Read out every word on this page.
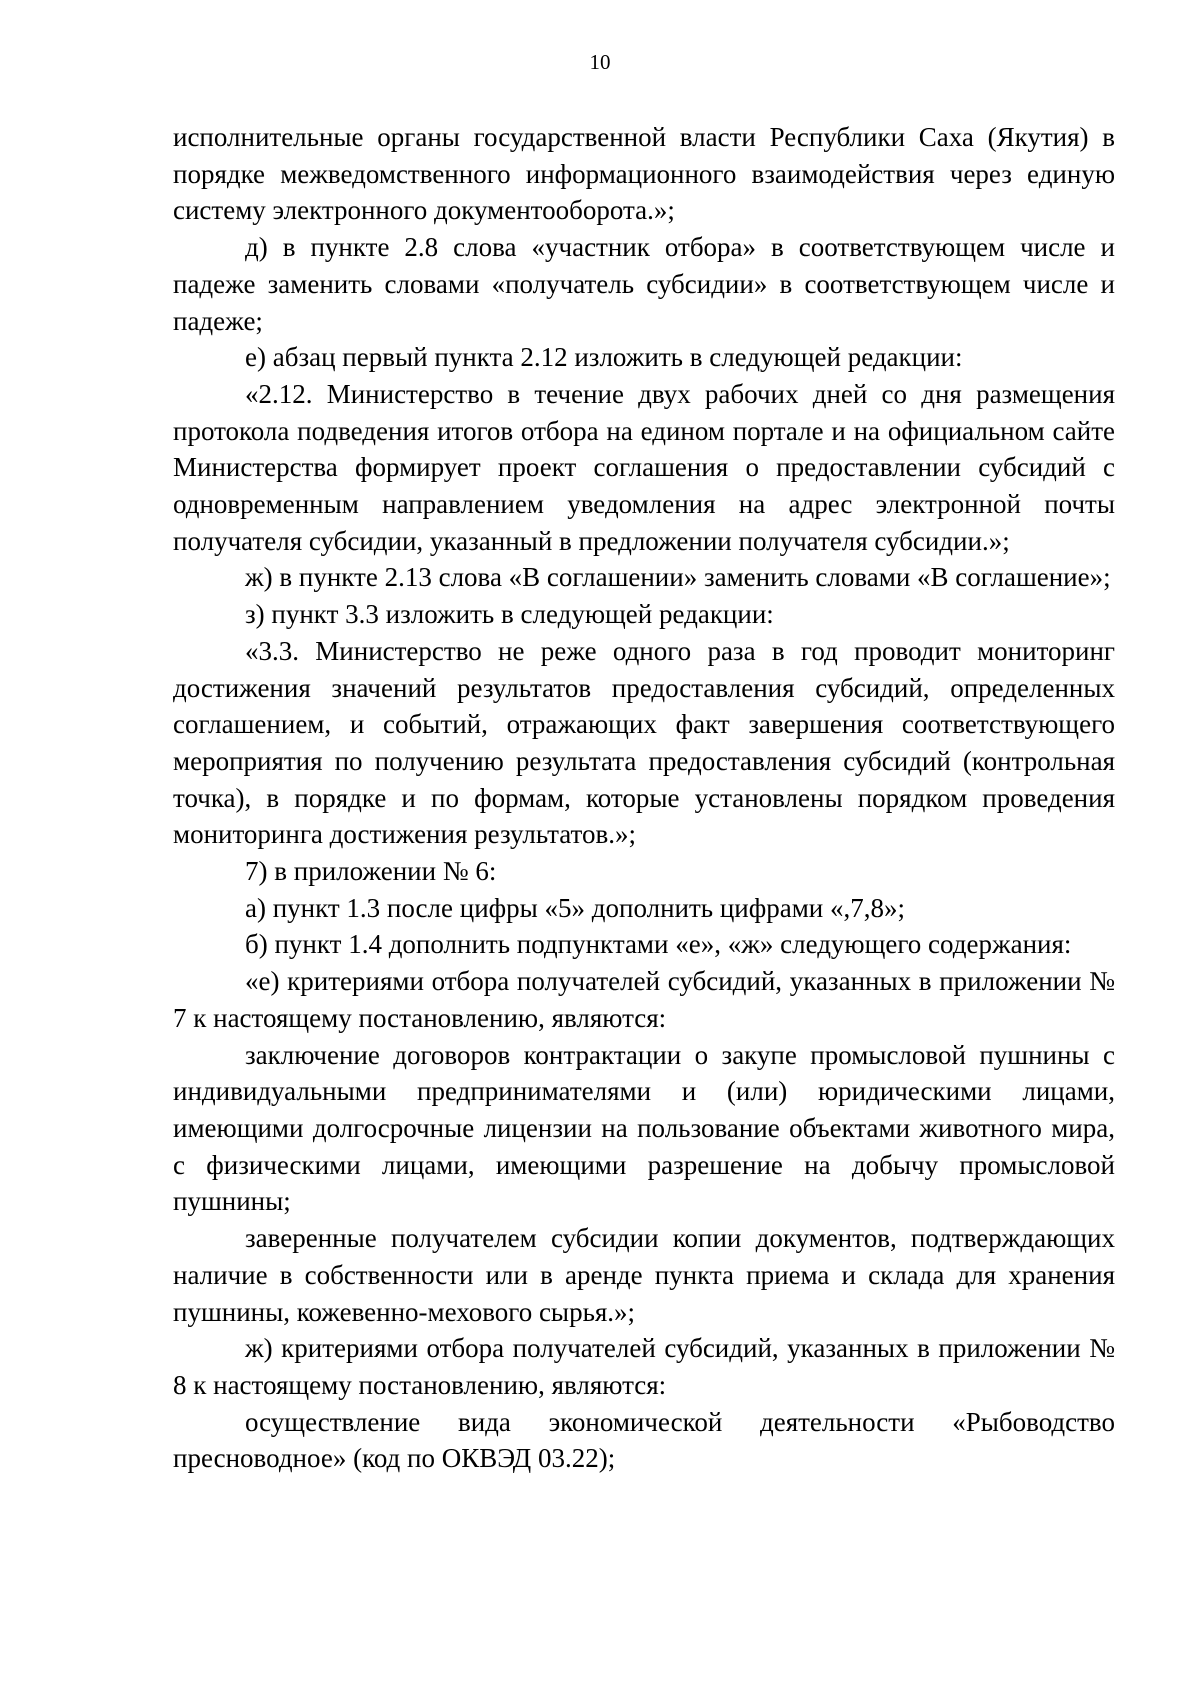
10

исполнительные органы государственной власти Республики Саха (Якутия) в порядке межведомственного информационного взаимодействия через единую систему электронного документооборота.»;

д) в пункте 2.8 слова «участник отбора» в соответствующем числе и падеже заменить словами «получатель субсидии» в соответствующем числе и падеже;

е) абзац первый пункта 2.12 изложить в следующей редакции:

«2.12. Министерство в течение двух рабочих дней со дня размещения протокола подведения итогов отбора на едином портале и на официальном сайте Министерства формирует проект соглашения о предоставлении субсидий с одновременным направлением уведомления на адрес электронной почты получателя субсидии, указанный в предложении получателя субсидии.»;

ж) в пункте 2.13 слова «В соглашении» заменить словами «В соглашение»;

з) пункт 3.3 изложить в следующей редакции:

«3.3. Министерство не реже одного раза в год проводит мониторинг достижения значений результатов предоставления субсидий, определенных соглашением, и событий, отражающих факт завершения соответствующего мероприятия по получению результата предоставления субсидий (контрольная точка), в порядке и по формам, которые установлены порядком проведения мониторинга достижения результатов.»;

7) в приложении № 6:

а) пункт 1.3 после цифры «5» дополнить цифрами «,7,8»;

б) пункт 1.4 дополнить подпунктами «е», «ж» следующего содержания:

«е) критериями отбора получателей субсидий, указанных в приложении № 7 к настоящему постановлению, являются:

заключение договоров контрактации о закупе промысловой пушнины с индивидуальными предпринимателями и (или) юридическими лицами, имеющими долгосрочные лицензии на пользование объектами животного мира, с физическими лицами, имеющими разрешение на добычу промысловой пушнины;

заверенные получателем субсидии копии документов, подтверждающих наличие в собственности или в аренде пункта приема и склада для хранения пушнины, кожевенно-мехового сырья.»;

ж) критериями отбора получателей субсидий, указанных в приложении № 8 к настоящему постановлению, являются:

осуществление вида экономической деятельности «Рыбоводство пресноводное» (код по ОКВЭД 03.22);
